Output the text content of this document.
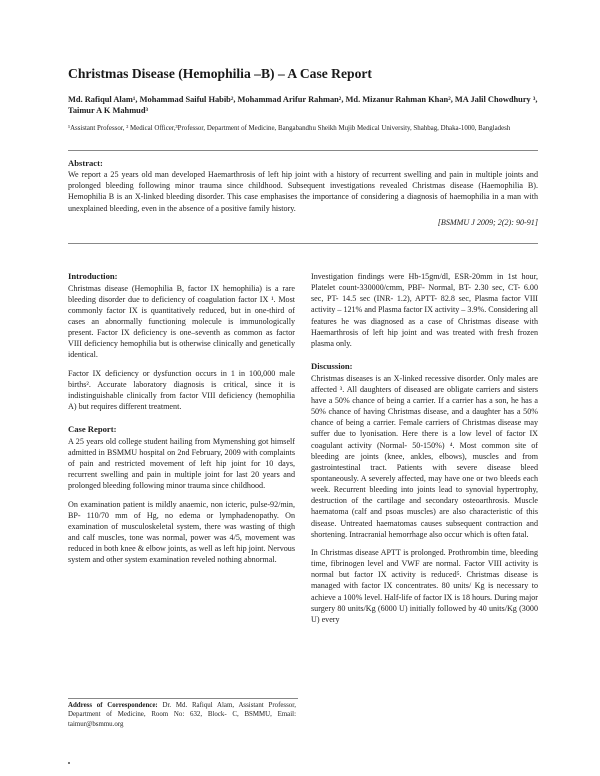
Christmas Disease (Hemophilia –B) – A Case Report
Md. Rafiqul Alam¹, Mohammad Saiful Habib², Mohammad Arifur Rahman², Md. Mizanur Rahman Khan², MA Jalil Chowdhury ³, Taimur A K Mahmud³
¹Assistant Professor, ² Medical Officer,³Professor, Department of Medicine, Bangabandhu Sheikh Mujib Medical University, Shahbag, Dhaka-1000, Bangladesh
Abstract:
We report a 25 years old man developed Haemarthrosis of left hip joint with a history of recurrent swelling and pain in multiple joints and prolonged bleeding following minor trauma since childhood. Subsequent investigations revealed Christmas disease (Haemophilia B). Hemophilia B is an X-linked bleeding disorder. This case emphasises the importance of considering a diagnosis of haemophilia in a man with unexplained bleeding, even in the absence of a positive family history.
[BSMMU J 2009; 2(2): 90-91]
Introduction:

Christmas disease (Hemophilia B, factor IX hemophilia) is a rare bleeding disorder due to deficiency of coagulation factor IX ¹. Most commonly factor IX is quantitatively reduced, but in one-third of cases an abnormally functioning molecule is immunologically present. Factor IX deficiency is one–seventh as common as factor VIII deficiency hemophilia but is otherwise clinically and genetically identical.

Factor IX deficiency or dysfunction occurs in 1 in 100,000 male births². Accurate laboratory diagnosis is critical, since it is indistinguishable clinically from factor VIII deficiency (hemophilia A) but requires different treatment.

Case Report:

A 25 years old college student hailing from Mymenshing got himself admitted in BSMMU hospital on 2nd February, 2009 with complaints of pain and restricted movement of left hip joint for 10 days, recurrent swelling and pain in multiple joint for last 20 years and prolonged bleeding following minor trauma since childhood.

On examination patient is mildly anaemic, non icteric, pulse-92/min, BP- 110/70 mm of Hg, no edema or lymphadenopathy. On examination of musculoskeletal system, there was wasting of thigh and calf muscles, tone was normal, power was 4/5, movement was reduced in both knee & elbow joints, as well as left hip joint. Nervous system and other system examination reveled nothing abnormal.

Investigation findings were Hb-15gm/dl, ESR-20mm in 1st hour, Platelet count-330000/cmm, PBF- Normal, BT- 2.30 sec, CT- 6.00 sec, PT- 14.5 sec (INR- 1.2), APTT- 82.8 sec, Plasma factor VIII activity – 121% and Plasma factor IX activity – 3.9%. Considering all features he was diagnosed as a case of Christmas disease with Haemarthrosis of left hip joint and was treated with fresh frozen plasma only.

Discussion:

Christmas diseases is an X-linked recessive disorder. Only males are affected ³. All daughters of diseased are obligate carriers and sisters have a 50% chance of being a carrier. If a carrier has a son, he has a 50% chance of having Christmas disease, and a daughter has a 50% chance of being a carrier. Female carriers of Christmas disease may suffer due to lyonisation. Here there is a low level of factor IX coagulant activity (Normal- 50-150%) ⁴. Most common site of bleeding are joints (knee, ankles, elbows), muscles and from gastrointestinal tract. Patients with severe disease bleed spontaneously. A severely affected, may have one or two bleeds each week. Recurrent bleeding into joints lead to synovial hypertrophy, destruction of the cartilage and secondary osteoarthrosis. Muscle haematoma (calf and psoas muscles) are also characteristic of this disease. Untreated haematomas causes subsequent contraction and shortening. Intracranial hemorrhage also occur which is often fatal.

In Christmas disease APTT is prolonged. Prothrombin time, bleeding time, fibrinogen level and VWF are normal. Factor VIII activity is normal but factor IX activity is reduced⁵. Christmas disease is managed with factor IX concentrates. 80 units/ Kg is necessary to achieve a 100% level. Half-life of factor IX is 18 hours. During major surgery 80 units/Kg (6000 U) initially followed by 40 units/Kg (3000 U) every

Address of Correspondence: Dr. Md. Rafiqul Alam, Assistant Professor, Department of Medicine, Room No: 632, Block- C, BSMMU, Email: taimur@bsmmu.org
